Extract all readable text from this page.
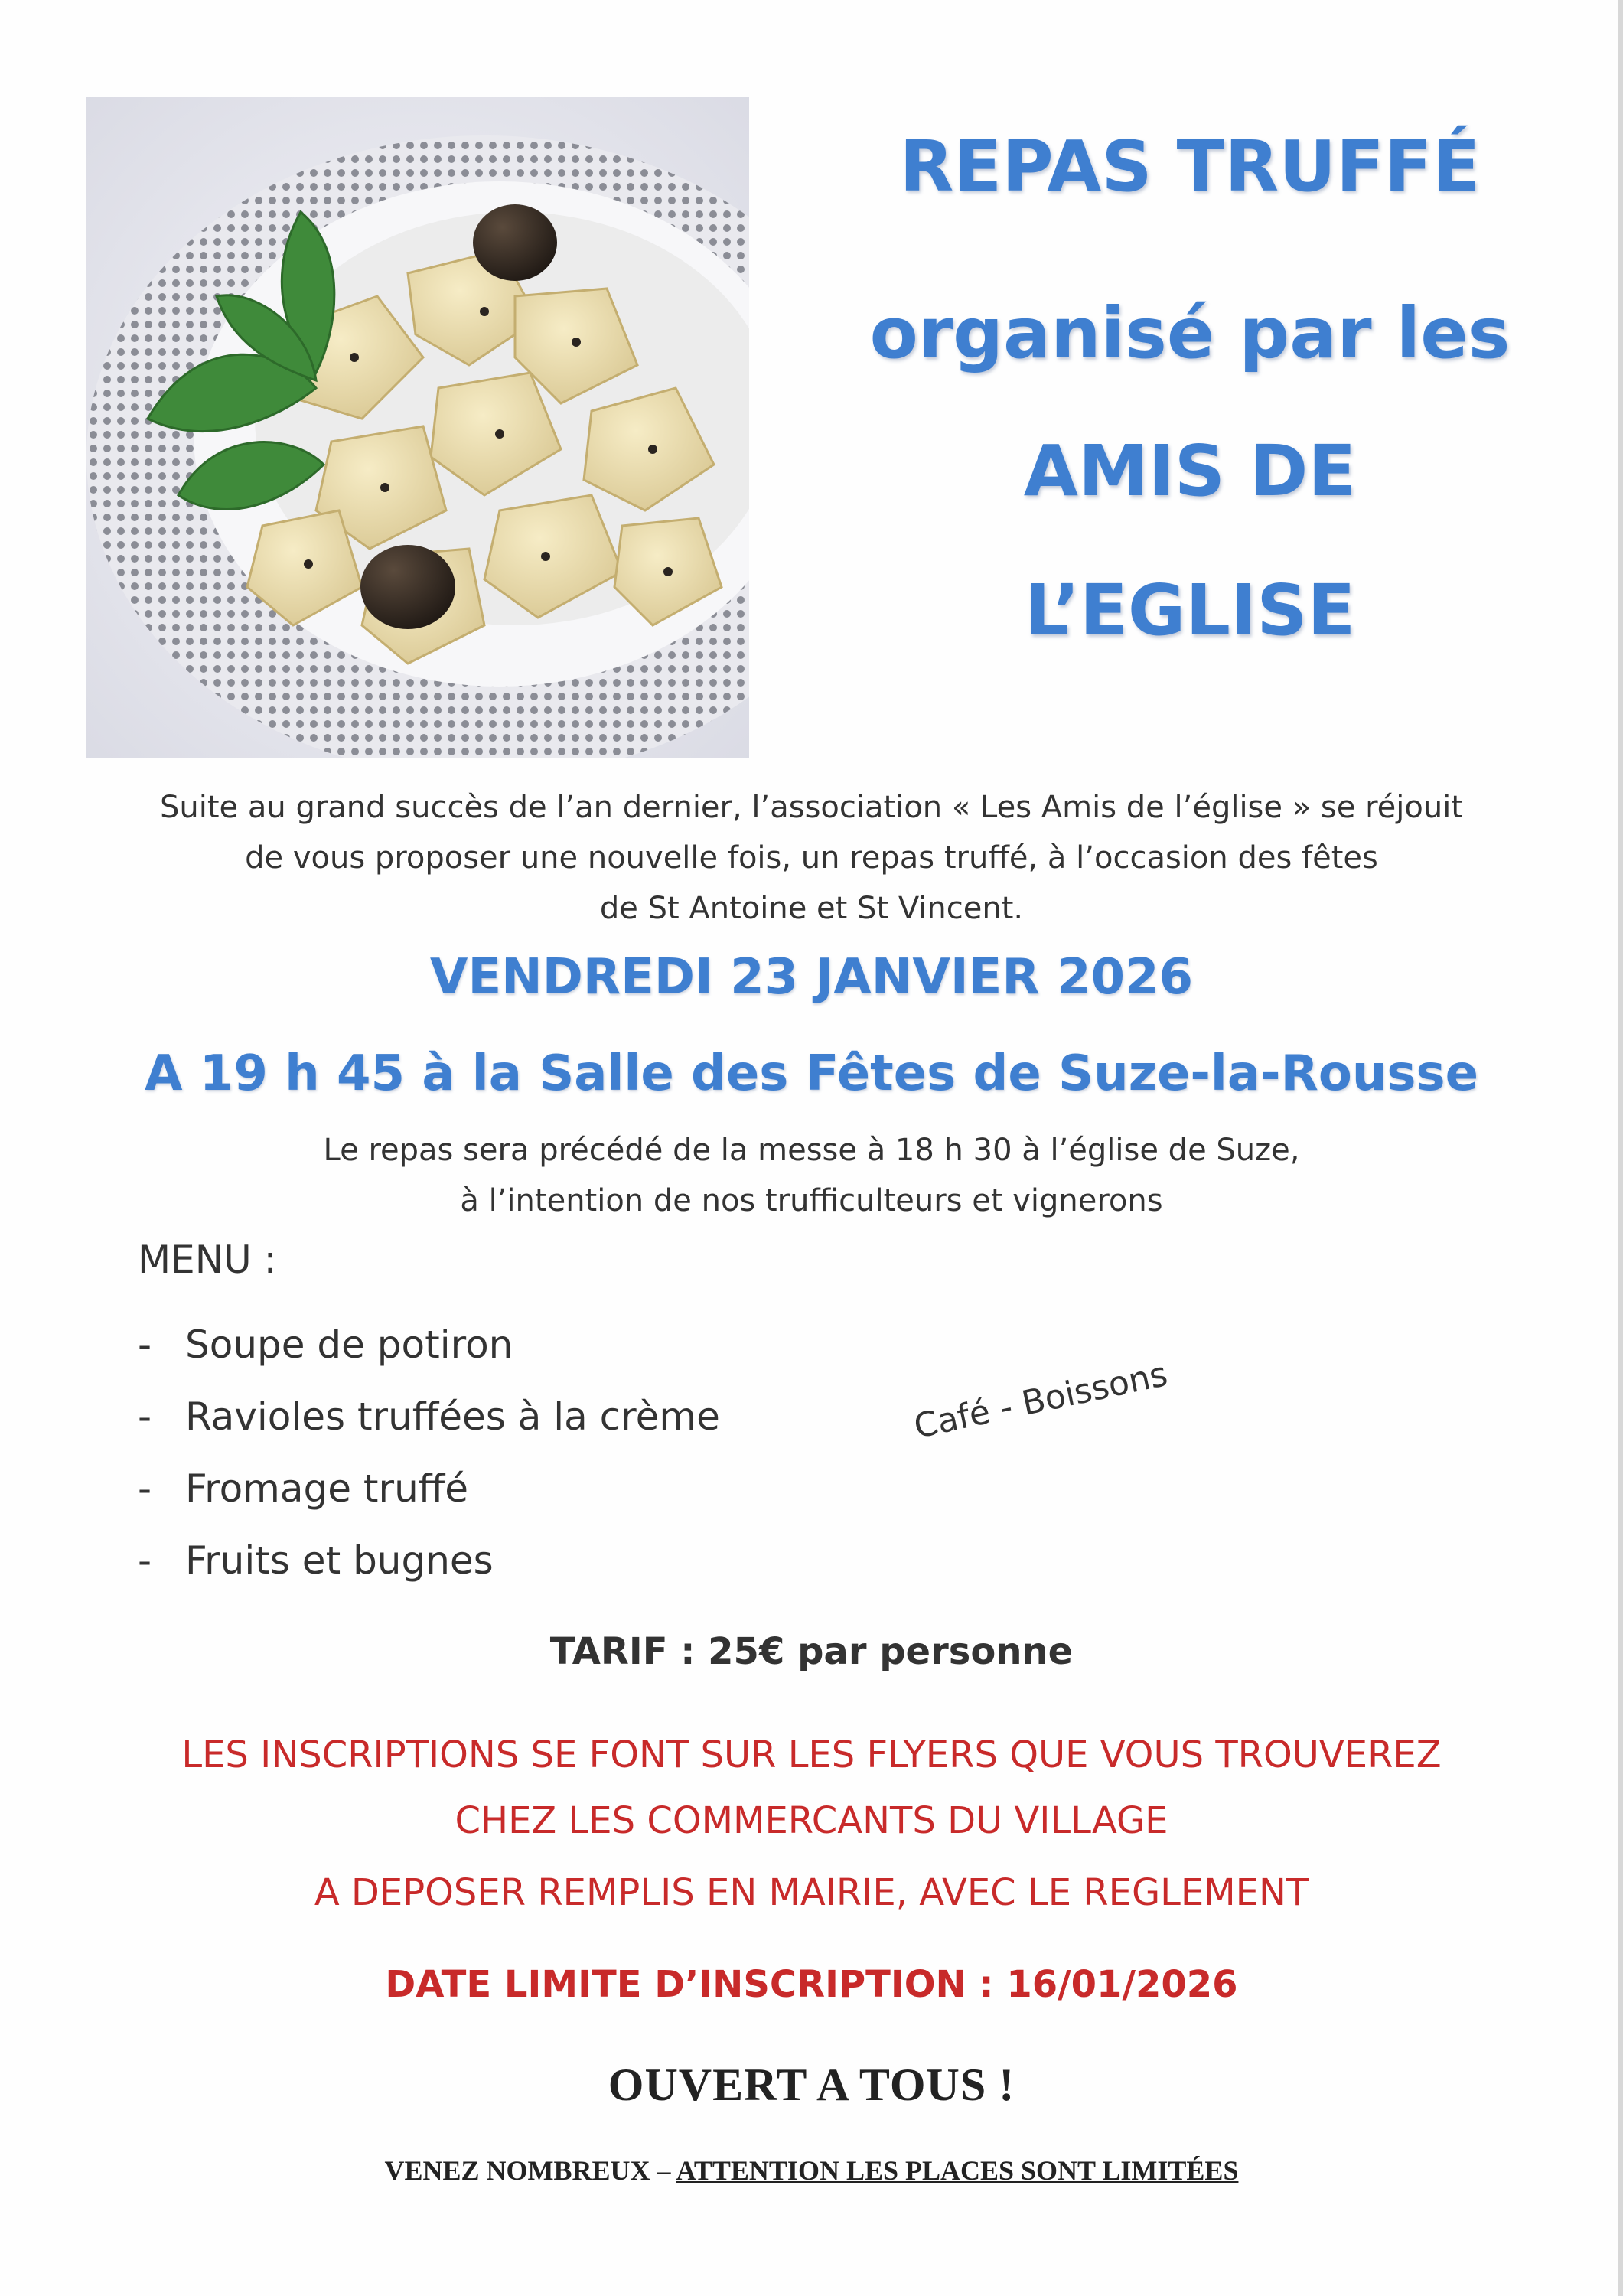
REPAS TRUFFÉ
organisé par les
AMIS DE
L’EGLISE
Suite au grand succès de l’an dernier, l’association « Les Amis de l’église » se réjouit
de vous proposer une nouvelle fois, un repas truffé, à l’occasion des fêtes
de St Antoine et St Vincent.
VENDREDI 23 JANVIER 2026
A 19 h 45 à la Salle des Fêtes de Suze-la-Rousse
Le repas sera précédé de la messe à 18 h 30 à l’église de Suze,
à l’intention de nos trufficulteurs et vignerons
MENU :
- Soupe de potiron
- Ravioles truffées à la crème
- Fromage truffé
- Fruits et bugnes
Café - Boissons
TARIF : 25€ par personne
LES INSCRIPTIONS SE FONT SUR LES FLYERS QUE VOUS TROUVEREZ
CHEZ LES COMMERCANTS DU VILLAGE
A DEPOSER REMPLIS EN MAIRIE, AVEC LE REGLEMENT
DATE LIMITE D’INSCRIPTION : 16/01/2026
OUVERT A TOUS !
VENEZ NOMBREUX – ATTENTION LES PLACES SONT LIMITÉES
